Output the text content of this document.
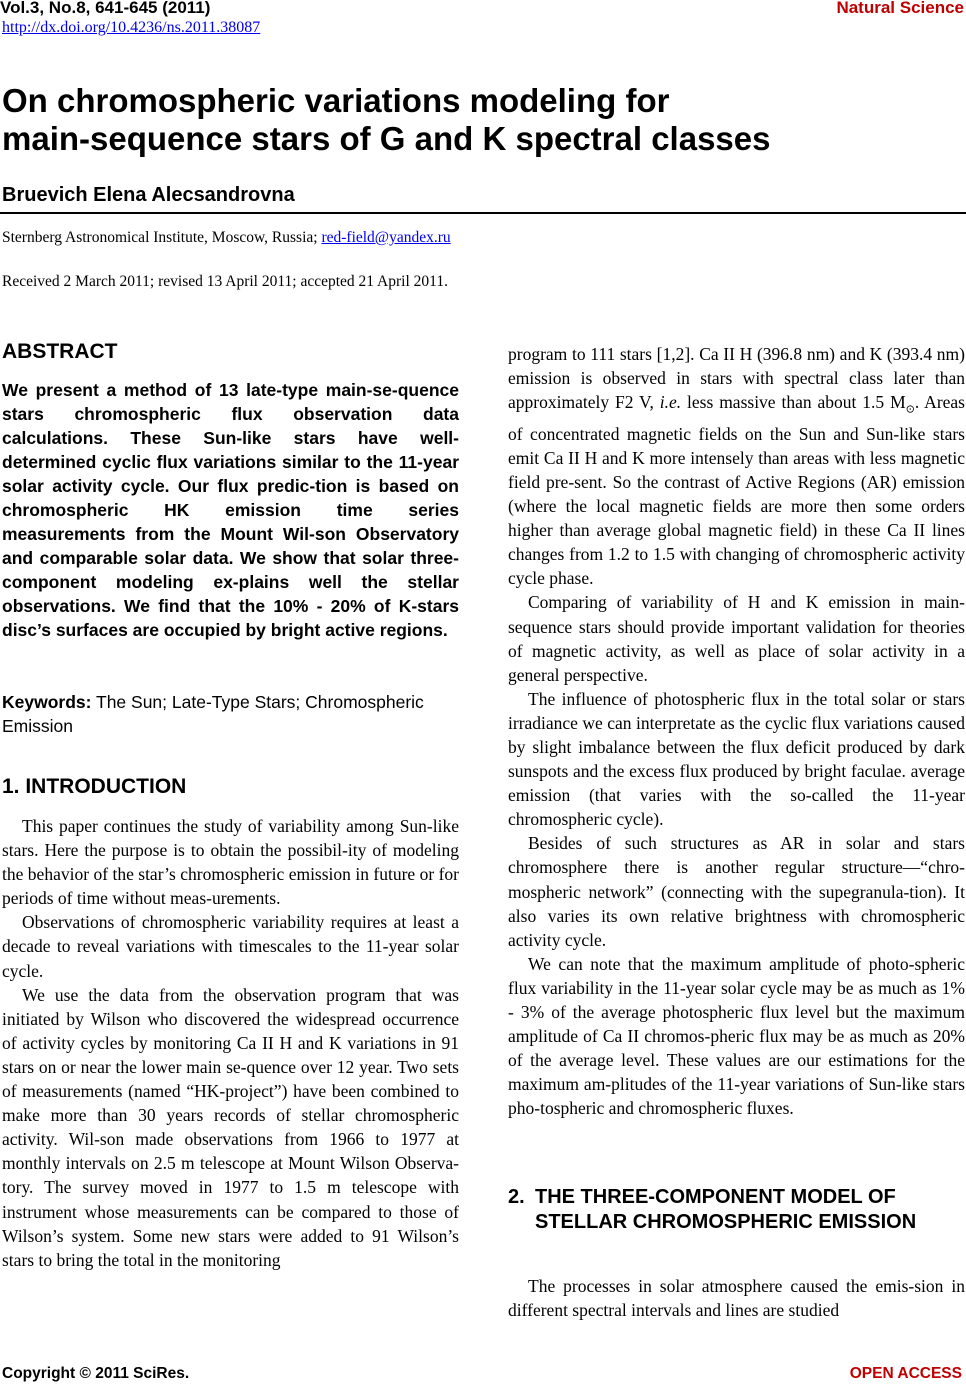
Vol.3, No.8, 641-645 (2011)
http://dx.doi.org/10.4236/ns.2011.38087
Natural Science
On chromospheric variations modeling for
main-sequence stars of G and K spectral classes
Bruevich Elena Alecsandrovna
Sternberg Astronomical Institute, Moscow, Russia; red-field@yandex.ru
Received 2 March 2011; revised 13 April 2011; accepted 21 April 2011.
ABSTRACT

We present a method of 13 late-type main-se-quence stars chromospheric flux observation data calculations. These Sun-like stars have well-determined cyclic flux variations similar to the 11-year solar activity cycle. Our flux predic-tion is based on chromospheric HK emission time series measurements from the Mount Wil-son Observatory and comparable solar data. We show that solar three-component modeling ex-plains well the stellar observations. We find that the 10% - 20% of K-stars disc’s surfaces are occupied by bright active regions.

Keywords: The Sun; Late-Type Stars; Chromospheric Emission

1. INTRODUCTION

This paper continues the study of variability among Sun-like stars. Here the purpose is to obtain the possibil-ity of modeling the behavior of the star’s chromospheric emission in future or for periods of time without meas-urements.

Observations of chromospheric variability requires at least a decade to reveal variations with timescales to the 11-year solar cycle.

We use the data from the observation program that was initiated by Wilson who discovered the widespread occurrence of activity cycles by monitoring Ca II H and K variations in 91 stars on or near the lower main se-quence over 12 year. Two sets of measurements (named “HK-project”) have been combined to make more than 30 years records of stellar chromospheric activity. Wil-son made observations from 1966 to 1977 at monthly intervals on 2.5 m telescope at Mount Wilson Observa-tory. The survey moved in 1977 to 1.5 m telescope with instrument whose measurements can be compared to those of Wilson’s system. Some new stars were added to 91 Wilson’s stars to bring the total in the monitoring

program to 111 stars [1,2]. Ca II H (396.8 nm) and K (393.4 nm) emission is observed in stars with spectral class later than approximately F2 V, i.e. less massive than about 1.5 $M_⊙$. Areas of concentrated magnetic fields on the Sun and Sun-like stars emit Ca II H and K more intensely than areas with less magnetic field pre-sent. So the contrast of Active Regions (AR) emission (where the local magnetic fields are more then some orders higher than average global magnetic field) in these Ca II lines changes from 1.2 to 1.5 with changing of chromospheric activity cycle phase.

Comparing of variability of H and K emission in main-sequence stars should provide important validation for theories of magnetic activity, as well as place of solar activity in a general perspective.

The influence of photospheric flux in the total solar or stars irradiance we can interpretate as the cyclic flux variations caused by slight imbalance between the flux deficit produced by dark sunspots and the excess flux produced by bright faculae. average emission (that varies with the so-called the 11-year chromospheric cycle).

Besides of such structures as AR in solar and stars chromosphere there is another regular structure—“chro-mospheric network” (connecting with the supegranula-tion). It also varies its own relative brightness with chromospheric activity cycle.

We can note that the maximum amplitude of photo-spheric flux variability in the 11-year solar cycle may be as much as 1% - 3% of the average photospheric flux level but the maximum amplitude of Ca II chromos-pheric flux may be as much as 20% of the average level. These values are our estimations for the maximum am-plitudes of the 11-year variations of Sun-like stars pho-tospheric and chromospheric fluxes.

2. THE THREE-COMPONENT MODEL OF STELLAR CHROMOSPHERIC EMISSION

The processes in solar atmosphere caused the emis-sion in different spectral intervals and lines are studied

Copyright © 2011 SciRes.	OPEN ACCESS
